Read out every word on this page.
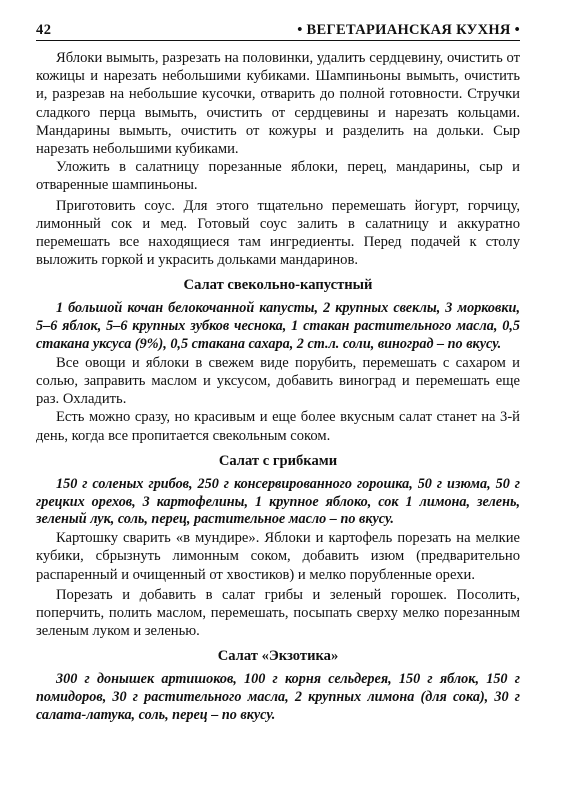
42	• ВЕГЕТАРИАНСКАЯ КУХНЯ •

Яблоки вымыть, разрезать на половинки, удалить сердцевину, очистить от кожицы и нарезать небольшими кубиками. Шампиньоны вымыть, очистить и, разрезав на небольшие кусочки, отварить до полной готовности. Стручки сладкого перца вымыть, очистить от сердцевины и нарезать кольцами. Мандарины вымыть, очистить от кожуры и разделить на дольки. Сыр нарезать небольшими кубиками.

Уложить в салатницу порезанные яблоки, перец, мандарины, сыр и отваренные шампиньоны.

Приготовить соус. Для этого тщательно перемешать йогурт, горчицу, лимонный сок и мед. Готовый соус залить в салатницу и аккуратно перемешать все находящиеся там ингредиенты. Перед подачей к столу выложить горкой и украсить дольками мандаринов.

Салат свекольно-капустный

1 большой кочан белокочанной капусты, 2 крупных свеклы, 3 морковки, 5–6 яблок, 5–6 крупных зубков чеснока, 1 стакан растительного масла, 0,5 стакана уксуса (9%), 0,5 стакана сахара, 2 ст.л. соли, виноград – по вкусу.

Все овощи и яблоки в свежем виде порубить, перемешать с сахаром и солью, заправить маслом и уксусом, добавить виноград и перемешать еще раз. Охладить.

Есть можно сразу, но красивым и еще более вкусным салат станет на 3-й день, когда все пропитается свекольным соком.

Салат с грибками

150 г соленых грибов, 250 г консервированного горошка, 50 г изюма, 50 г грецких орехов, 3 картофелины, 1 крупное яблоко, сок 1 лимона, зелень, зеленый лук, соль, перец, растительное масло – по вкусу.

Картошку сварить «в мундире». Яблоки и картофель порезать на мелкие кубики, сбрызнуть лимонным соком, добавить изюм (предварительно распаренный и очищенный от хвостиков) и мелко порубленные орехи.

Порезать и добавить в салат грибы и зеленый горошек. Посолить, поперчить, полить маслом, перемешать, посыпать сверху мелко порезанным зеленым луком и зеленью.

Салат «Экзотика»

300 г донышек артишоков, 100 г корня сельдерея, 150 г яблок, 150 г помидоров, 30 г растительного масла, 2 крупных лимона (для сока), 30 г салата-латука, соль, перец – по вкусу.
